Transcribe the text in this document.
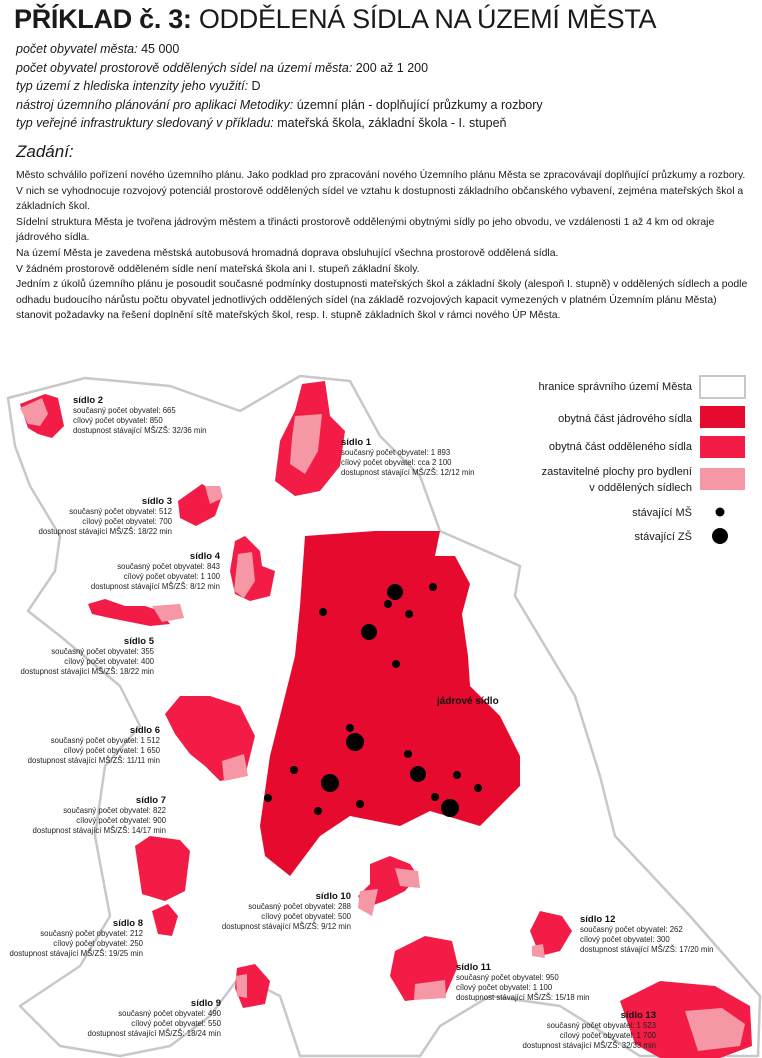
PŘÍKLAD č. 3: ODDĚLENÁ SÍDLA NA ÚZEMÍ MĚSTA
počet obyvatel města: 45 000
počet obyvatel prostorově oddělených sídel na území města: 200 až 1 200
typ území z hlediska intenzity jeho využití: D
nástroj územního plánování pro aplikaci Metodiky: územní plán - doplňující průzkumy a rozbory
typ veřejné infrastruktury sledovaný v příkladu: mateřská škola, základní škola - I. stupeň
Zadání:

Město schválilo pořízení nového územního plánu. Jako podklad pro zpracování nového Územního plánu Města se zpracovávají doplňující průzkumy a rozbory. V nich se vyhodnocuje rozvojový potenciál prostorově oddělených sídel ve vztahu k dostupnosti základního občanského vybavení, zejména mateřských škol a základních škol.

Sídelní struktura Města je tvořena jádrovým městem a třinácti prostorově oddělenými obytnými sídly po jeho obvodu, ve vzdálenosti 1 až 4 km od okraje jádrového sídla.

Na území Města je zavedena městská autobusová hromadná doprava obsluhující všechna prostorově oddělená sídla.

V žádném prostorově odděleném sídle není mateřská škola ani I. stupeň základní školy.

Jedním z úkolů územního plánu je posoudit současné podmínky dostupnosti mateřských škol a základní školy (alespoň I. stupně) v oddělených sídlech a podle odhadu budoucího nárůstu počtu obyvatel jednotlivých oddělených sídel (na základě rozvojových kapacit vymezených v platném Územním plánu Města) stanovit požadavky na řešení doplnění sítě mateřských škol, resp. I. stupně základních škol v rámci nového ÚP Města.

jádrové sídlo
sídlo 1
současný počet obyvatel: 1 893
cílový počet obyvatel: cca 2 100
dostupnost stávající MŠ/ZŠ: 12/12 min
sídlo 2
současný počet obyvatel: 665
cílový počet obyvatel: 850
dostupnost stávající MŠ/ZŠ: 32/36 min
sídlo 3
současný počet obyvatel: 512
cílový počet obyvatel: 700
dostupnost stávající MŠ/ZŠ: 18/22 min
sídlo 4
současný počet obyvatel: 843
cílový počet obyvatel: 1 100
dostupnost stávající MŠ/ZŠ: 8/12 min
sídlo 5
současný počet obyvatel: 355
cílový počet obyvatel: 400
dostupnost stávající MŠ/ZŠ: 18/22 min
sídlo 6
současný počet obyvatel: 1 512
cílový počet obyvatel: 1 650
dostupnost stávající MŠ/ZŠ: 11/11 min
sídlo 7
současný počet obyvatel: 822
cílový počet obyvatel: 900
dostupnost stávající MŠ/ZŠ: 14/17 min
sídlo 8
současný počet obyvatel: 212
cílový počet obyvatel: 250
dostupnost stávající MŠ/ZŠ: 19/25 min
sídlo 9
současný počet obyvatel: 490
cílový počet obyvatel: 550
dostupnost stávající MŠ/ZŠ: 18/24 min
sídlo 10
současný počet obyvatel: 288
cílový počet obyvatel: 500
dostupnost stávající MŠ/ZŠ: 9/12 min
sídlo 11
současný počet obyvatel: 950
cílový počet obyvatel: 1 100
dostupnost stávající MŠ/ZŠ: 15/18 min
sídlo 12
současný počet obyvatel: 262
cílový počet obyvatel: 300
dostupnost stávající MŠ/ZŠ: 17/20 min
sídlo 13
současný počet obyvatel: 1 523
cílový počet obyvatel: 1 700
dostupnost stávající MŠ/ZŠ: 32/33 min
hranice správního území Města
obytná část jádrového sídla
obytná část odděleného sídla
zastavitelné plochy pro bydlení
v oddělených sídlech
stávající MŠ
stávající ZŠ
